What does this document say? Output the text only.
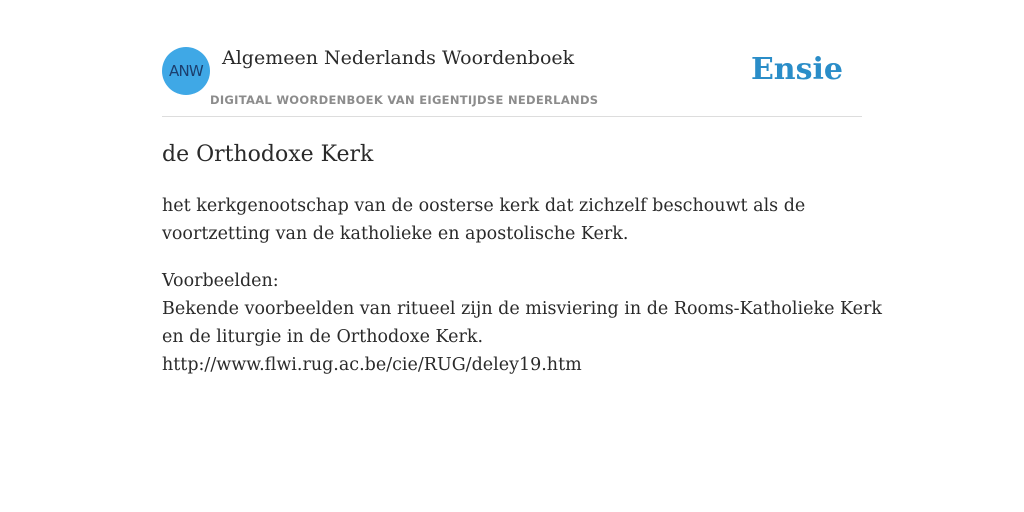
ANW
Algemeen Nederlands Woordenboek
DIGITAAL WOORDENBOEK VAN EIGENTIJDSE NEDERLANDS
Ensie
de Orthodoxe Kerk

het kerkgenootschap van de oosterse kerk dat zichzelf beschouwt als de
voortzetting van de katholieke en apostolische Kerk.

Voorbeelden:
Bekende voorbeelden van ritueel zijn de misviering in de Rooms-Katholieke Kerk
en de liturgie in de Orthodoxe Kerk.
http://www.flwi.rug.ac.be/cie/RUG/deley19.htm
